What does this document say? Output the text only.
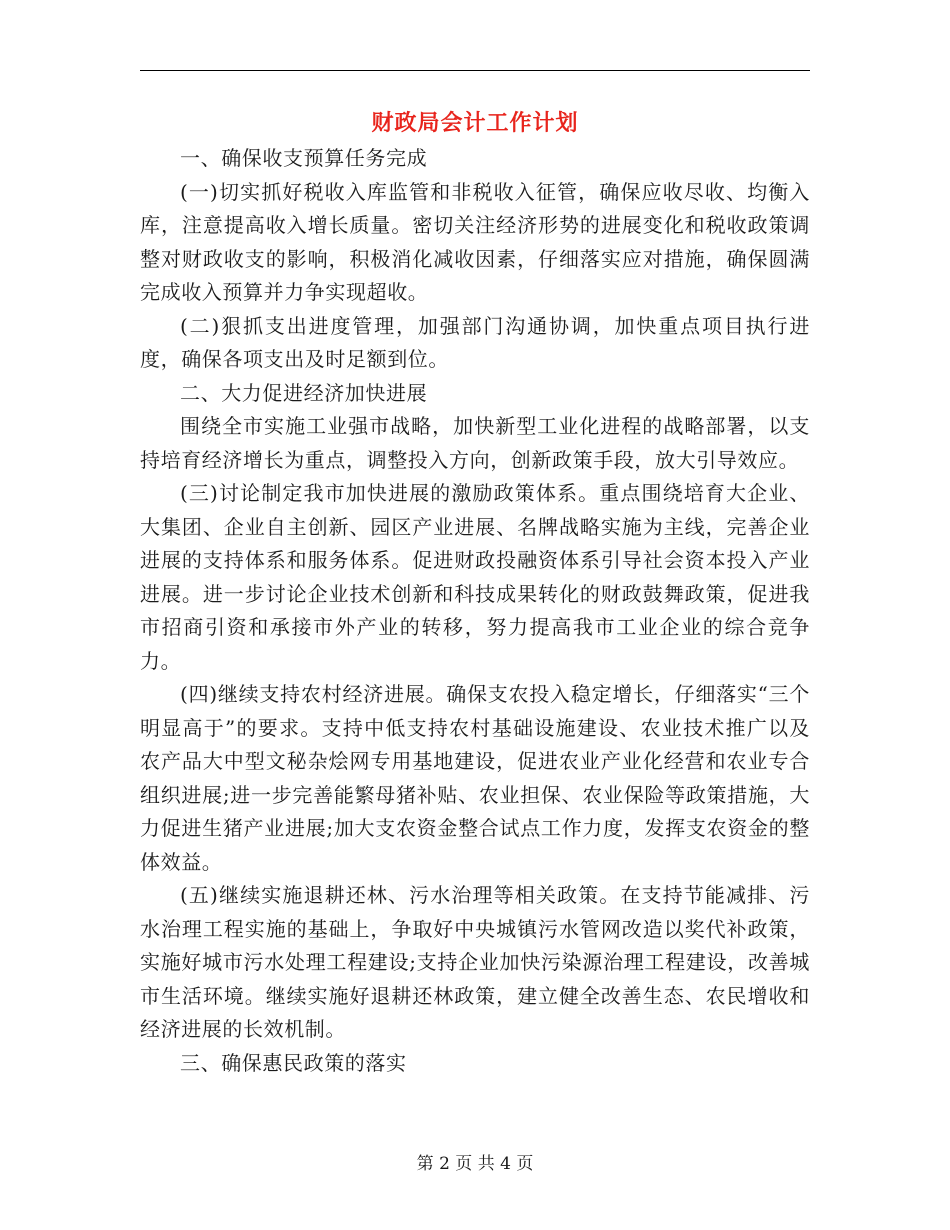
财政局会计工作计划

一、确保收支预算任务完成

(一)切实抓好税收入库监管和非税收入征管，确保应收尽收、均衡入库，注意提高收入增长质量。密切关注经济形势的进展变化和税收政策调整对财政收支的影响，积极消化减收因素，仔细落实应对措施，确保圆满完成收入预算并力争实现超收。

(二)狠抓支出进度管理，加强部门沟通协调，加快重点项目执行进度，确保各项支出及时足额到位。

二、大力促进经济加快进展

围绕全市实施工业强市战略，加快新型工业化进程的战略部署，以支持培育经济增长为重点，调整投入方向，创新政策手段，放大引导效应。

(三)讨论制定我市加快进展的激励政策体系。重点围绕培育大企业、大集团、企业自主创新、园区产业进展、名牌战略实施为主线，完善企业进展的支持体系和服务体系。促进财政投融资体系引导社会资本投入产业进展。进一步讨论企业技术创新和科技成果转化的财政鼓舞政策，促进我市招商引资和承接市外产业的转移，努力提高我市工业企业的综合竞争力。

(四)继续支持农村经济进展。确保支农投入稳定增长，仔细落实“三个明显高于”的要求。支持中低支持农村基础设施建设、农业技术推广以及农产品大中型文秘杂烩网专用基地建设，促进农业产业化经营和农业专合组织进展;进一步完善能繁母猪补贴、农业担保、农业保险等政策措施，大力促进生猪产业进展;加大支农资金整合试点工作力度，发挥支农资金的整体效益。

(五)继续实施退耕还林、污水治理等相关政策。在支持节能减排、污水治理工程实施的基础上，争取好中央城镇污水管网改造以奖代补政策，实施好城市污水处理工程建设;支持企业加快污染源治理工程建设，改善城市生活环境。继续实施好退耕还林政策，建立健全改善生态、农民增收和经济进展的长效机制。

三、确保惠民政策的落实

第 2 页 共 4 页
